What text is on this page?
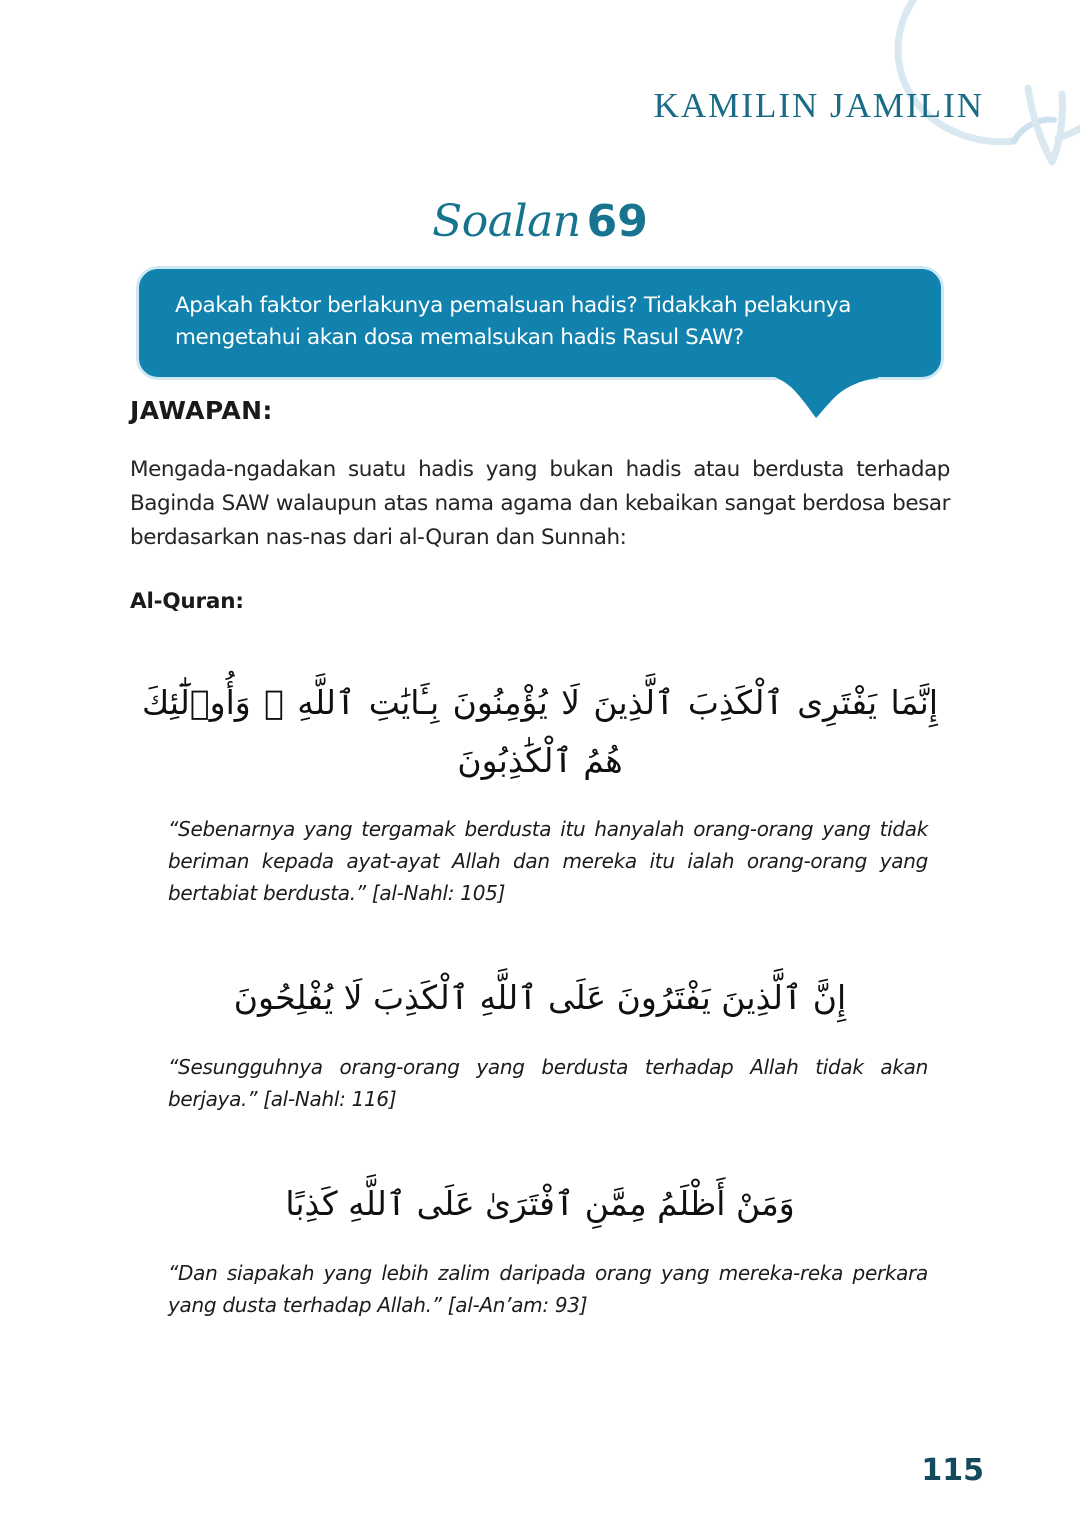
KAMILIN JAMILIN
Soalan 69
Apakah faktor berlakunya pemalsuan hadis? Tidakkah pelakunya mengetahui akan dosa memalsukan hadis Rasul SAW?
JAWAPAN:

Mengada-ngadakan suatu hadis yang bukan hadis atau berdusta terhadap Baginda SAW walaupun atas nama agama dan kebaikan sangat berdosa besar berdasarkan nas-nas dari al-Quran dan Sunnah:

Al-Quran:

إِنَّمَا يَفْتَرِى ٱلْكَذِبَ ٱلَّذِينَ لَا يُؤْمِنُونَ بِـَٔايَٰتِ ٱللَّهِ ۖ وَأُو۟لَٰٓئِكَ هُمُ ٱلْكَٰذِبُونَ

“Sebenarnya yang tergamak berdusta itu hanyalah orang-orang yang tidak beriman kepada ayat-ayat Allah dan mereka itu ialah orang-orang yang bertabiat berdusta.” [al-Nahl: 105]

إِنَّ ٱلَّذِينَ يَفْتَرُونَ عَلَى ٱللَّهِ ٱلْكَذِبَ لَا يُفْلِحُونَ

“Sesungguhnya orang-orang yang berdusta terhadap Allah tidak akan berjaya.” [al-Nahl: 116]

وَمَنْ أَظْلَمُ مِمَّنِ ٱفْتَرَىٰ عَلَى ٱللَّهِ كَذِبًا

“Dan siapakah yang lebih zalim daripada orang yang mereka-reka perkara yang dusta terhadap Allah.” [al-An’am: 93]

115
